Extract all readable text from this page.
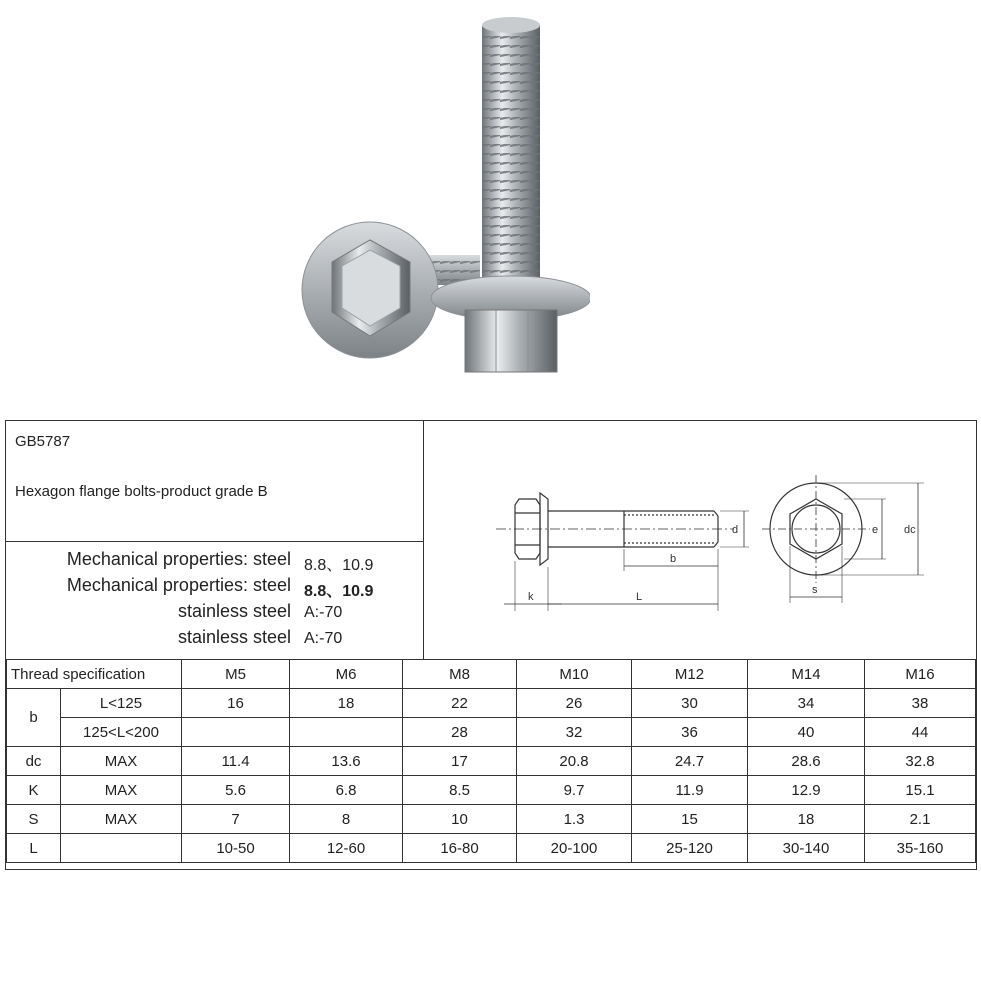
GB5787
Hexagon flange bolts-product grade B
Mechanical properties: steel 8.8、10.9
Mechanical properties: steel 8.8、10.9
stainless steel A:-70
stainless steel A:-70
d
b
k	L
e dc
s
Thread specification		M5	M6	M8	M10	M12	M14	M16
b	L<125	16	18	22	26	30	34	38
	125<L<200			28	32	36	40	44
dc	MAX	11.4	13.6	17	20.8	24.7	28.6	32.8
K	MAX	5.6	6.8	8.5	9.7	11.9	12.9	15.1
S	MAX	7	8	10	1.3	15	18	2.1
L		10-50	12-60	16-80	20-100	25-120	30-140	35-160
